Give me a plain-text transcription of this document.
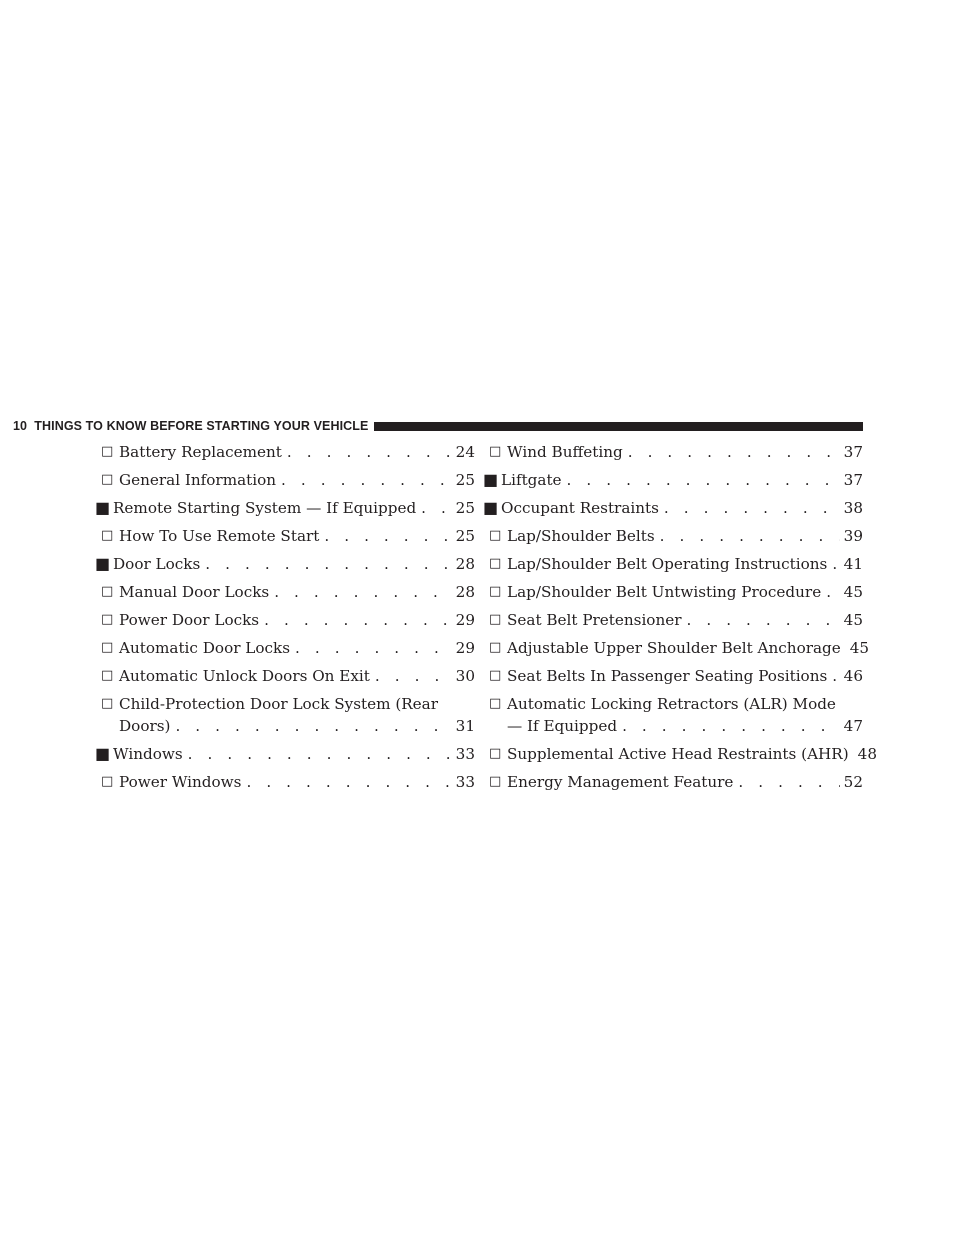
10 THINGS TO KNOW BEFORE STARTING YOUR VEHICLE
□ Battery Replacement . . .	24
□ General Information . . .	25
■ Remote Starting System — If Equipped . . .	25
□ How To Use Remote Start . . .	25
■ Door Locks . . .	28
□ Manual Door Locks . . .	28
□ Power Door Locks . . .	29
□ Automatic Door Locks . . .	29
□ Automatic Unlock Doors On Exit . . .	30
□ Child-Protection Door Lock System (Rear
Doors) . . .	31
■ Windows . . .	33
□ Power Windows . . .	33
□ Wind Buffeting . . .	37
■ Liftgate . . .	37
■ Occupant Restraints . . .	38
□ Lap/Shoulder Belts . . .	39
□ Lap/Shoulder Belt Operating Instructions . . . 41
□ Lap/Shoulder Belt Untwisting Procedure . . . 45
□ Seat Belt Pretensioner . . .	45
□ Adjustable Upper Shoulder Belt Anchorage 45
□ Seat Belts In Passenger Seating Positions . . . 46
□ Automatic Locking Retractors (ALR) Mode
— If Equipped . . .	47
□ Supplemental Active Head Restraints (AHR) 48
□ Energy Management Feature . . .	52
